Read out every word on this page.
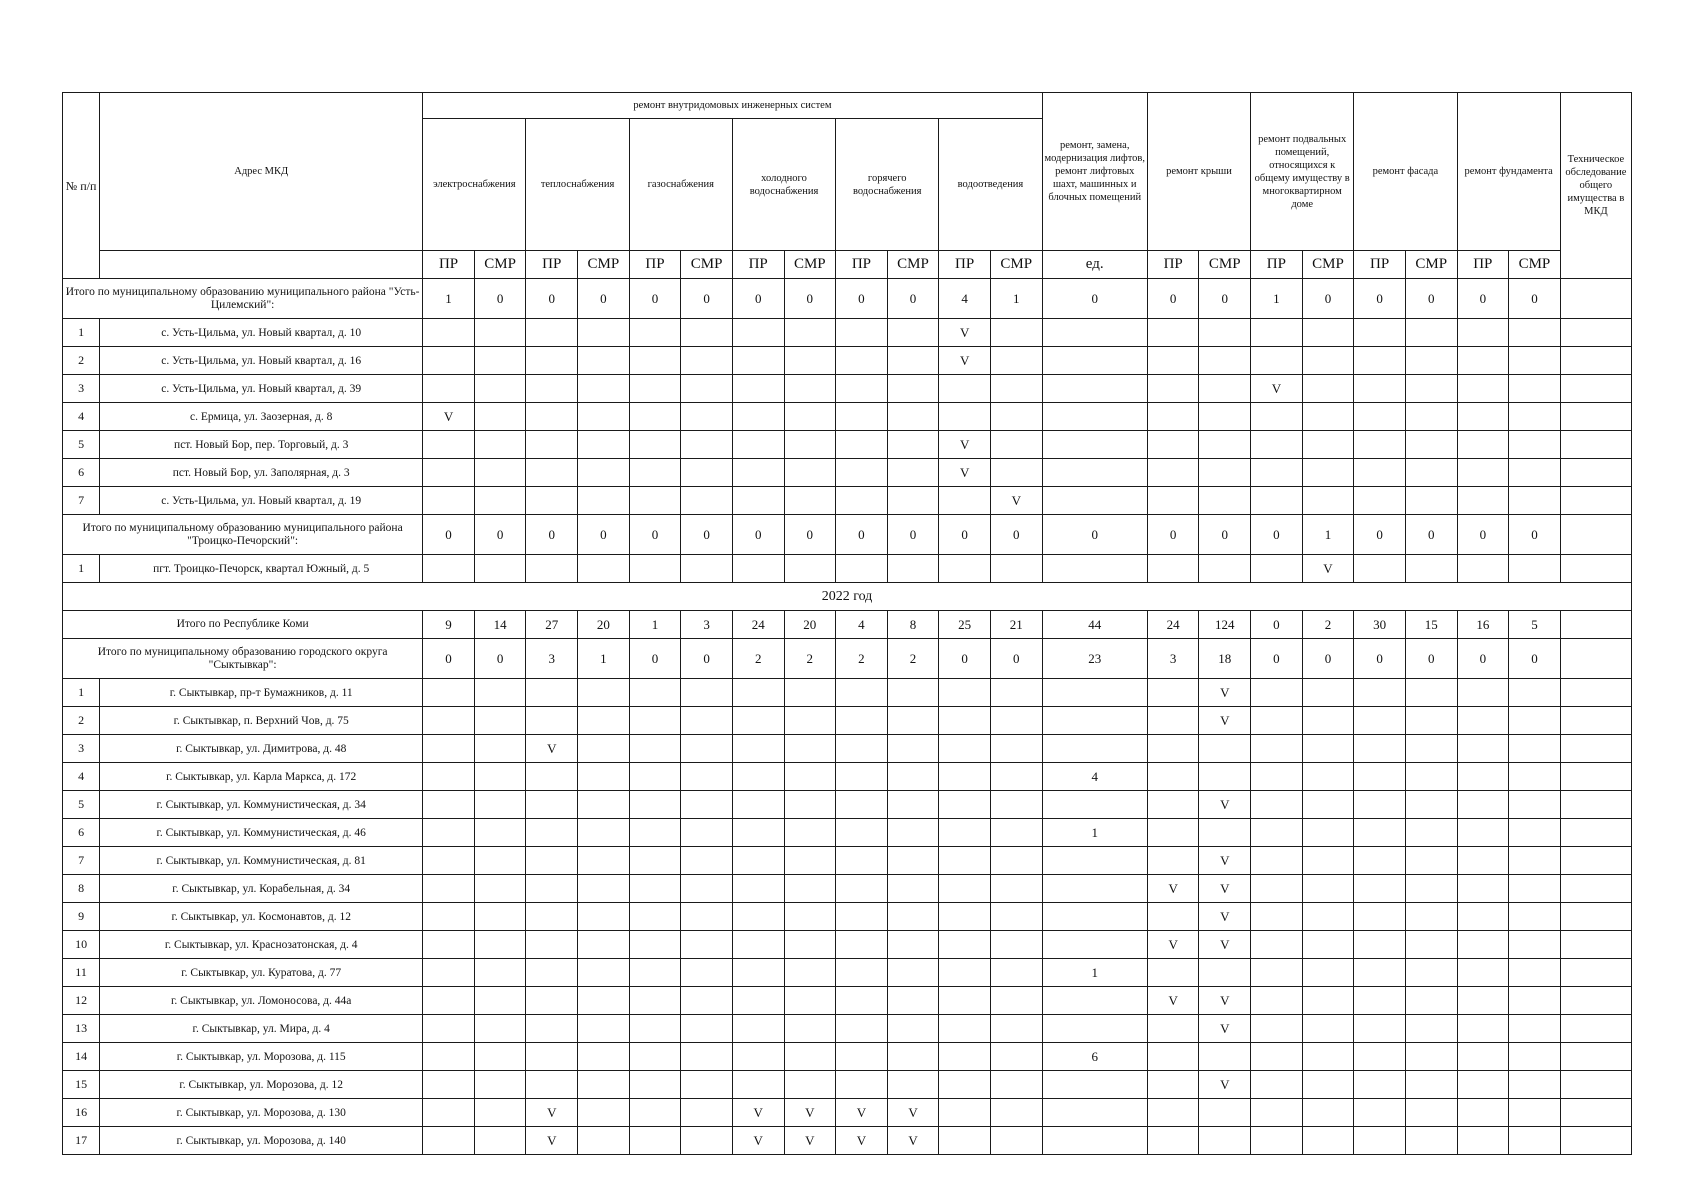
№ п/п	Адрес МКД	ремонт внутридомовых инженерных систем												ремонт, замена, модернизация лифтов, ремонт лифтовых шахт, машинных и блочных помещений	ремонт крыши		ремонт подвальных помещений, относящихся к общему имуществу в многоквартирном доме		ремонт фасада		ремонт фундамента		Техническое обследование общего имущества в МКД
		электроснабжения		теплоснабжения		газоснабжения		холодного водоснабжения		горячего водоснабжения		водоотведения											
		ПР	СМР	ПР	СМР	ПР	СМР	ПР	СМР	ПР	СМР	ПР	СМР	ед.	ПР	СМР	ПР	СМР	ПР	СМР	ПР	СМР	
Итого по муниципальному образованию муниципального района "Усть-Цилемский":		1	0	0	0	0	0	0	0	0	0	4	1	0	0	0	1	0	0	0	0	0	
1	с. Усть-Цильма, ул. Новый квартал, д. 10											V											
2	с. Усть-Цильма, ул. Новый квартал, д. 16											V											
3	с. Усть-Цильма, ул. Новый квартал, д. 39																V						
4	с. Ермица, ул. Заозерная, д. 8	V																					
5	пст. Новый Бор, пер. Торговый, д. 3											V											
6	пст. Новый Бор, ул. Заполярная, д. 3											V											
7	с. Усть-Цильма, ул. Новый квартал, д. 19												V										
Итого по муниципальному образованию муниципального района "Троицко-Печорский":		0	0	0	0	0	0	0	0	0	0	0	0	0	0	0	0	1	0	0	0	0	
1	пгт. Троицко-Печорск, квартал Южный, д. 5																	V					
2022 год																							
Итого по Республике Коми		9	14	27	20	1	3	24	20	4	8	25	21	44	24	124	0	2	30	15	16	5	
Итого по муниципальному образованию городского округа "Сыктывкар":		0	0	3	1	0	0	2	2	2	2	0	0	23	3	18	0	0	0	0	0	0	
1	г. Сыктывкар, пр-т Бумажников, д. 11															V							
2	г. Сыктывкар, п. Верхний Чов, д. 75															V							
3	г. Сыктывкар, ул. Димитрова, д. 48			V																			
4	г. Сыктывкар, ул. Карла Маркса, д. 172													4									
5	г. Сыктывкар, ул. Коммунистическая, д. 34															V							
6	г. Сыктывкар, ул. Коммунистическая, д. 46													1									
7	г. Сыктывкар, ул. Коммунистическая, д. 81															V							
8	г. Сыктывкар, ул. Корабельная, д. 34														V	V							
9	г. Сыктывкар, ул. Космонавтов, д. 12															V							
10	г. Сыктывкар, ул. Краснозатонская, д. 4														V	V							
11	г. Сыктывкар, ул. Куратова, д. 77													1									
12	г. Сыктывкар, ул. Ломоносова, д. 44а														V	V							
13	г. Сыктывкар, ул. Мира, д. 4															V							
14	г. Сыктывкар, ул. Морозова, д. 115													6									
15	г. Сыктывкар, ул. Морозова, д. 12															V							
16	г. Сыктывкар, ул. Морозова, д. 130			V				V	V	V	V												
17	г. Сыктывкар, ул. Морозова, д. 140			V				V	V	V	V												
